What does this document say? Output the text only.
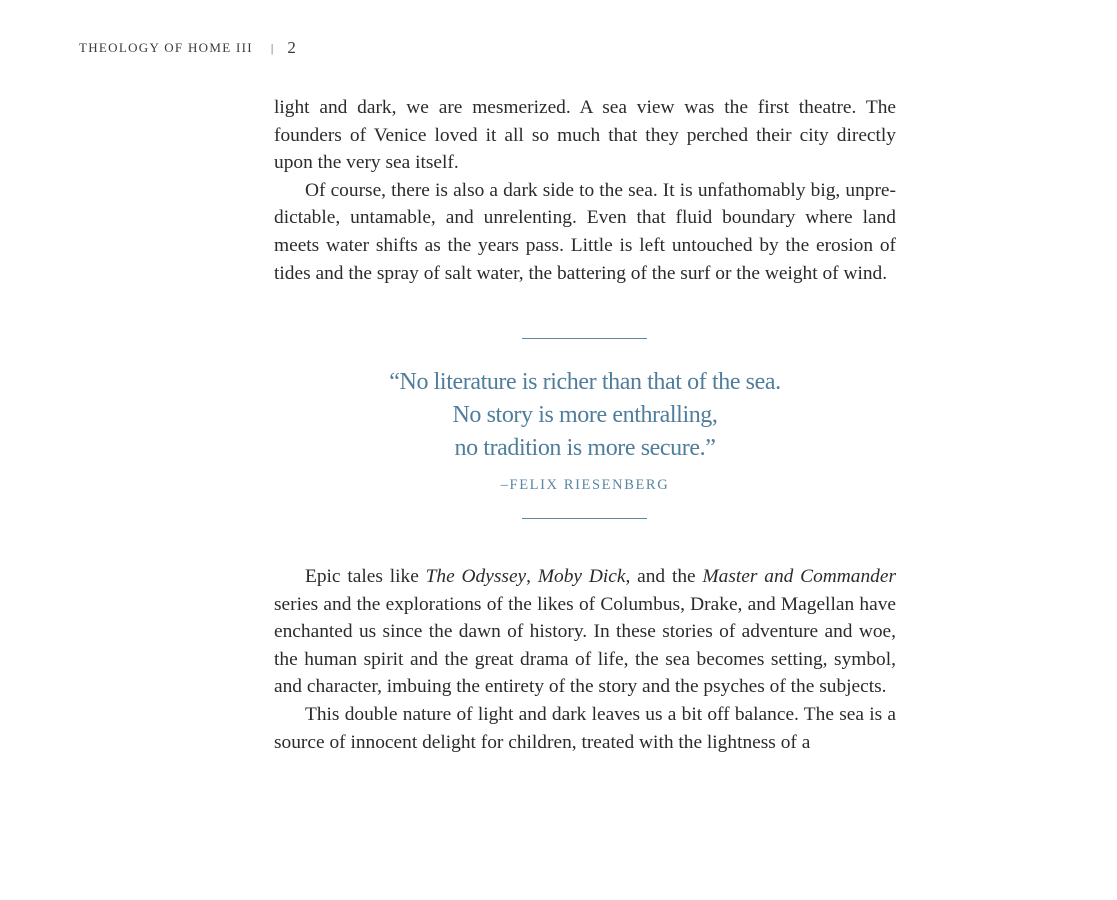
THEOLOGY OF HOME III | 2

light and dark, we are mesmerized. A sea view was the first theatre. The founders of Venice loved it all so much that they perched their city directly upon the very sea itself.

Of course, there is also a dark side to the sea. It is unfathomably big, unpredictable, untamable, and unrelenting. Even that fluid boundary where land meets water shifts as the years pass. Little is left untouched by the erosion of tides and the spray of salt water, the battering of the surf or the weight of wind.

“No literature is richer than that of the sea.
No story is more enthralling,
no tradition is more secure.”
–FELIX RIESENBERG

Epic tales like The Odyssey, Moby Dick, and the Master and Commander series and the explorations of the likes of Columbus, Drake, and Magellan have enchanted us since the dawn of history. In these stories of adventure and woe, the human spirit and the great drama of life, the sea becomes setting, symbol, and character, imbuing the entirety of the story and the psyches of the subjects.

This double nature of light and dark leaves us a bit off balance. The sea is a source of innocent delight for children, treated with the lightness of a
